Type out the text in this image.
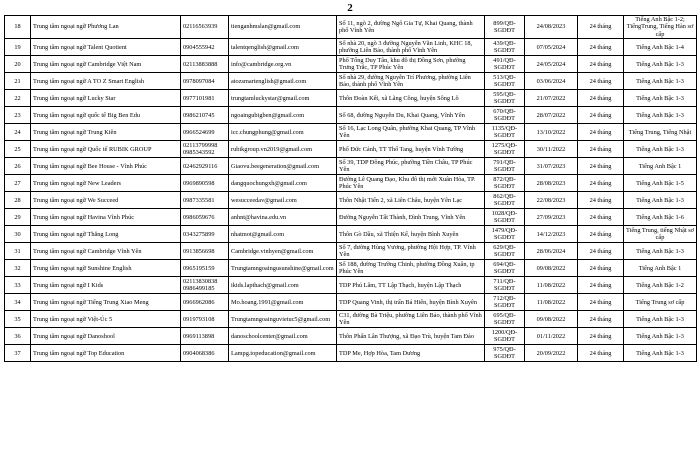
2
18	Trung tâm ngoại ngữ Phương Lan	02116563939	tienganhmslan@gmail.com	Số 11, ngõ 2, đường Ngô Gia Tự, Khai Quang, thành phố Vĩnh Yên	899/QĐ-SGDĐT	24/08/2023	24 tháng	Tiếng Anh Bậc 1-2; TiếngTrung, Tiếng Hàn sơ cấp
19	Trung tâm ngoại ngữ Talent Quotient	0904555942	talentqenglish@gmail.com	Số nhà 20, ngõ 3 đường Nguyễn Văn Linh, KHC 18, phường Liên Bảo, thành phố Vĩnh Yên	439/QĐ-SGDĐT	07/05/2024	24 tháng	Tiếng Anh Bậc 1-4
20	Trung tâm ngoại ngữ Cambridge Việt Nam	02113883888	info@cambridge.org.vn	Phố Tống Duy Tân, khu đô thị Đồng Sơn, phường Trưng Trắc, TP Phúc Yên	491/QĐ-SGDĐT	24/05/2024	24 tháng	Tiếng Anh Bậc 1-3
21	Trung tâm ngoại ngữ A TO Z Smart English	0978097084	atozsmartenglish@gmail.com	Số nhà 29, đường Nguyễn Trí Phương, phường Liên Bảo, thành phố Vĩnh Yên	513/QĐ-SGDĐT	03/06/2024	24 tháng	Tiếng Anh Bậc 1-3
22	Trung tâm ngoại ngữ Lucky Star	0977101981	trungtamluckystar@gmail.com	Thôn Đoàn Kết, xã Lãng Công, huyện Sông Lô	595/QĐ-SGDĐT	21/07/2022	24 tháng	Tiếng Anh Bậc 1-3
23	Trung tâm ngoại ngữ quốc tế Big Ben Edu	0986210745	ngoaingubigben@gmail.com	Số 68, đường Nguyễn Du, Khai Quang, Vĩnh Yên	670/QĐ-SGDĐT	28/07/2022	24 tháng	Tiếng Anh Bậc 1-3
24	Trung tâm ngoại ngữ Trung Kiên	0966524699	icc.chungphung@gmail.com	Số 16, Lạc Long Quân, phường Khai Quang, TP Vĩnh Yên	1135/QĐ-SGDĐT	13/10/2022	24 tháng	Tiếng Trung, Tiếng Nhật
25	Trung tâm ngoại ngữ Quốc tế RUBIK GROUP	02113799998 0985343592	rubikgroup.vn2019@gmail.com	Phố Đức Cảnh, TT Thổ Tang, huyện Vĩnh Tường	1275/QĐ-SGDĐT	30/11/2022	24 tháng	Tiếng Anh Bậc 1-3
26	Trung tâm ngoại ngữ Bee House - Vĩnh Phúc	02462929116	Giaovu.beegeneration@gmail.com	Số 39, TDP Đông Phúc, phường Tiền Châu, TP Phúc Yên	791/QĐ-SGDĐT	31/07/2023	24 tháng	Tiếng Anh Bậc 1
27	Trung tâm ngoại ngữ New Leaders	0969890598	dangquochungxh@gmail.com	Đường Lê Quang Đạo, Khu đô thị mới Xuân Hòa, TP. Phúc Yên	872/QĐ-SGDĐT	28/08/2023	24 tháng	Tiếng Anh Bậc 1-5
28	Trung tâm ngoại ngữ We Succeed	0987335581	wesucceedav@gmail.com	Thôn Nhật Tiến 2, xã Liên Châu, huyện Yên Lạc	862/QĐ-SGDĐT	22/08/2023	24 tháng	Tiếng Anh Bậc 1-3
29	Trung tâm ngoại ngữ Havina Vĩnh Phúc	0986059676	anhnt@havina.edu.vn	Đường Nguyễn Tất Thành, Đình Trung, Vĩnh Yên	1028/QĐ-SGDĐT	27/09/2023	24 tháng	Tiếng Anh Bậc 1-6
30	Trung tâm ngoại ngữ Thăng Long	0343275899	nhatmot@gmail.com	Thôn Gò Dầu, xã Thiện Kế, huyện Bình Xuyên	1479/QĐ-SGDĐT	14/12/2023	24 tháng	Tiếng Trung, tiếng Nhật sơ cấp
31	Trung tâm ngoại ngữ Cambridge Vĩnh Yên	0913856698	Cambridge.vinhyen@gmail.com	Số 7, đường Hùng Vương, phường Hội Hợp, TP. Vĩnh Yên	629/QĐ-SGDĐT	28/06/2024	24 tháng	Tiếng Anh Bậc 1-3
32	Trung tâm ngoại ngữ Sunshine English	0965195159	Trungtamngoaingusunshine@gmail.com	Số 188, đường Trường Chinh, phường Đồng Xuân, tp Phúc Yên	694/QĐ-SGDĐT	09/08/2022	24 tháng	Tiếng Anh Bậc 1
33	Trung tâm ngoại ngữ I Kids	02113830838 0986499185	ikids.lapthach@gmail.com	TDP Phú Lâm, TT Lập Thạch, huyện Lập Thạch	711/QĐ-SGDĐT	11/08/2022	24 tháng	Tiếng Anh Bậc 1-2
34	Trung tâm ngoại ngữ Tiếng Trung Xiao Meng	0966962086	Mo.hoang.1991@gmail.com	TDP Quang Vinh, thị trấn Bá Hiến, huyện Bình Xuyên	712/QĐ-SGDĐT	11/08/2022	24 tháng	Tiếng Trung sơ cấp
35	Trung tâm ngoại ngữ Việt-Úc 5	0919793108	Trungtamngoainguvietuc5@gmail.com	C31, đường Bà Triệu, phường Liên Bảo, thành phố Vĩnh Yên	695/QĐ-SGDĐT	09/08/2022	24 tháng	Tiếng Anh Bậc 1-3
36	Trung tâm ngoại ngữ Danoshool	0969113898	danoschoolcenter@gmail.com	Thôn Phấn Lân Thượng, xã Đạo Trù, huyện Tam Đảo	1200/QĐ-SGDĐT	01/11/2022	24 tháng	Tiếng Anh Bậc 1-3
37	Trung tâm ngoại ngữ Top Education	0904068386	Lampg.topeducation@gmail.com	TDP Me, Hợp Hòa, Tam Dương	975/QĐ-SGDĐT	20/09/2022	24 tháng	Tiếng Anh Bậc 1-3
